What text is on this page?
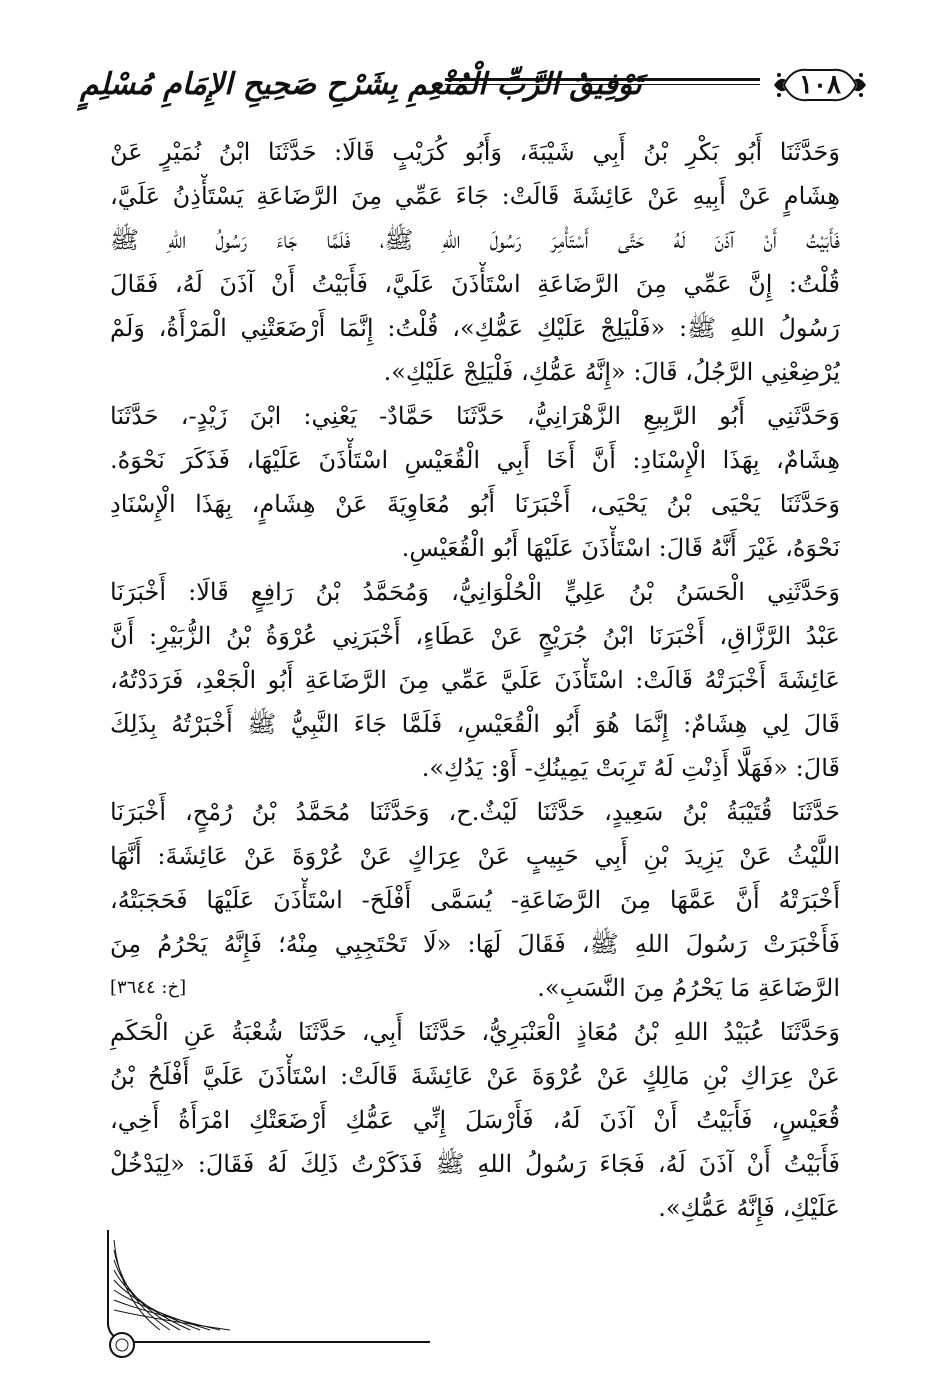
١٠٨
تَوْفِيقُ الرَّبِّ الْمُنْعِمِ بِشَرْحِ صَحِيحِ الإِمَامِ مُسْلِمٍ
وَحَدَّثَنَا أَبُو بَكْرِ بْنُ أَبِي شَيْبَةَ، وَأَبُو كُرَيْبٍ قَالَا: حَدَّثَنَا ابْنُ نُمَيْرٍ عَنْ
هِشَامٍ عَنْ أَبِيهِ عَنْ عَائِشَةَ قَالَتْ: جَاءَ عَمِّي مِنَ الرَّضَاعَةِ يَسْتَأْذِنُ عَلَيَّ،
فَأَبَيْتُ أَنْ آذَنَ لَهُ حَتَّى أَسْتَأْمِرَ رَسُولَ اللهِ ﷺ، فَلَمَّا جَاءَ رَسُولُ اللهِ ﷺ
قُلْتُ: إِنَّ عَمِّي مِنَ الرَّضَاعَةِ اسْتَأْذَنَ عَلَيَّ، فَأَبَيْتُ أَنْ آذَنَ لَهُ، فَقَالَ
رَسُولُ اللهِ ﷺ: «فَلْيَلِجْ عَلَيْكِ عَمُّكِ»، قُلْتُ: إِنَّمَا أَرْضَعَتْنِي الْمَرْأَةُ، وَلَمْ
يُرْضِعْنِي الرَّجُلُ، قَالَ: «إِنَّهُ عَمُّكِ، فَلْيَلِجْ عَلَيْكِ».
وَحَدَّثَنِي أَبُو الرَّبِيعِ الزَّهْرَانِيُّ، حَدَّثَنَا حَمَّادٌ- يَعْنِي: ابْنَ زَيْدٍ-، حَدَّثَنَا
هِشَامٌ، بِهَذَا الْإِسْنَادِ: أَنَّ أَخَا أَبِي الْقُعَيْسِ اسْتَأْذَنَ عَلَيْهَا، فَذَكَرَ نَحْوَهُ.
وَحَدَّثَنَا يَحْيَى بْنُ يَحْيَى، أَخْبَرَنَا أَبُو مُعَاوِيَةَ عَنْ هِشَامٍ، بِهَذَا الْإِسْنَادِ
نَحْوَهُ، غَيْرَ أَنَّهُ قَالَ: اسْتَأْذَنَ عَلَيْهَا أَبُو الْقُعَيْسِ.
وَحَدَّثَنِي الْحَسَنُ بْنُ عَلِيٍّ الْحُلْوَانِيُّ، وَمُحَمَّدُ بْنُ رَافِعٍ قَالَا: أَخْبَرَنَا
عَبْدُ الرَّزَّاقِ، أَخْبَرَنَا ابْنُ جُرَيْجٍ عَنْ عَطَاءٍ، أَخْبَرَنِي عُرْوَةُ بْنُ الزُّبَيْرِ: أَنَّ
عَائِشَةَ أَخْبَرَتْهُ قَالَتْ: اسْتَأْذَنَ عَلَيَّ عَمِّي مِنَ الرَّضَاعَةِ أَبُو الْجَعْدِ، فَرَدَدْتُهُ،
قَالَ لِي هِشَامٌ: إِنَّمَا هُوَ أَبُو الْقُعَيْسِ، فَلَمَّا جَاءَ النَّبِيُّ ﷺ أَخْبَرْتُهُ بِذَلِكَ
قَالَ: «فَهَلَّا أَذِنْتِ لَهُ تَرِبَتْ يَمِينُكِ- أَوْ: يَدُكِ».
حَدَّثَنَا قُتَيْبَةُ بْنُ سَعِيدٍ، حَدَّثَنَا لَيْثٌ.ح، وَحَدَّثَنَا مُحَمَّدُ بْنُ رُمْحٍ، أَخْبَرَنَا
اللَّيْثُ عَنْ يَزِيدَ بْنِ أَبِي حَبِيبٍ عَنْ عِرَاكٍ عَنْ عُرْوَةَ عَنْ عَائِشَةَ: أَنَّهَا
أَخْبَرَتْهُ أَنَّ عَمَّهَا مِنَ الرَّضَاعَةِ- يُسَمَّى أَفْلَحَ- اسْتَأْذَنَ عَلَيْهَا فَحَجَبَتْهُ،
فَأَخْبَرَتْ رَسُولَ اللهِ ﷺ، فَقَالَ لَهَا: «لَا تَحْتَجِبِي مِنْهُ؛ فَإِنَّهُ يَحْرُمُ مِنَ
الرَّضَاعَةِ مَا يَحْرُمُ مِنَ النَّسَبِ».
[خ: ٣٦٤٤]
وَحَدَّثَنَا عُبَيْدُ اللهِ بْنُ مُعَاذٍ الْعَنْبَرِيُّ، حَدَّثَنَا أَبِي، حَدَّثَنَا شُعْبَةُ عَنِ الْحَكَمِ
عَنْ عِرَاكِ بْنِ مَالِكٍ عَنْ عُرْوَةَ عَنْ عَائِشَةَ قَالَتْ: اسْتَأْذَنَ عَلَيَّ أَفْلَحُ بْنُ
قُعَيْسٍ، فَأَبَيْتُ أَنْ آذَنَ لَهُ، فَأَرْسَلَ إِنِّي عَمُّكِ أَرْضَعَتْكِ امْرَأَةُ أَخِي،
فَأَبَيْتُ أَنْ آذَنَ لَهُ، فَجَاءَ رَسُولُ اللهِ ﷺ فَذَكَرْتُ ذَلِكَ لَهُ فَقَالَ: «لِيَدْخُلْ
عَلَيْكِ، فَإِنَّهُ عَمُّكِ».
